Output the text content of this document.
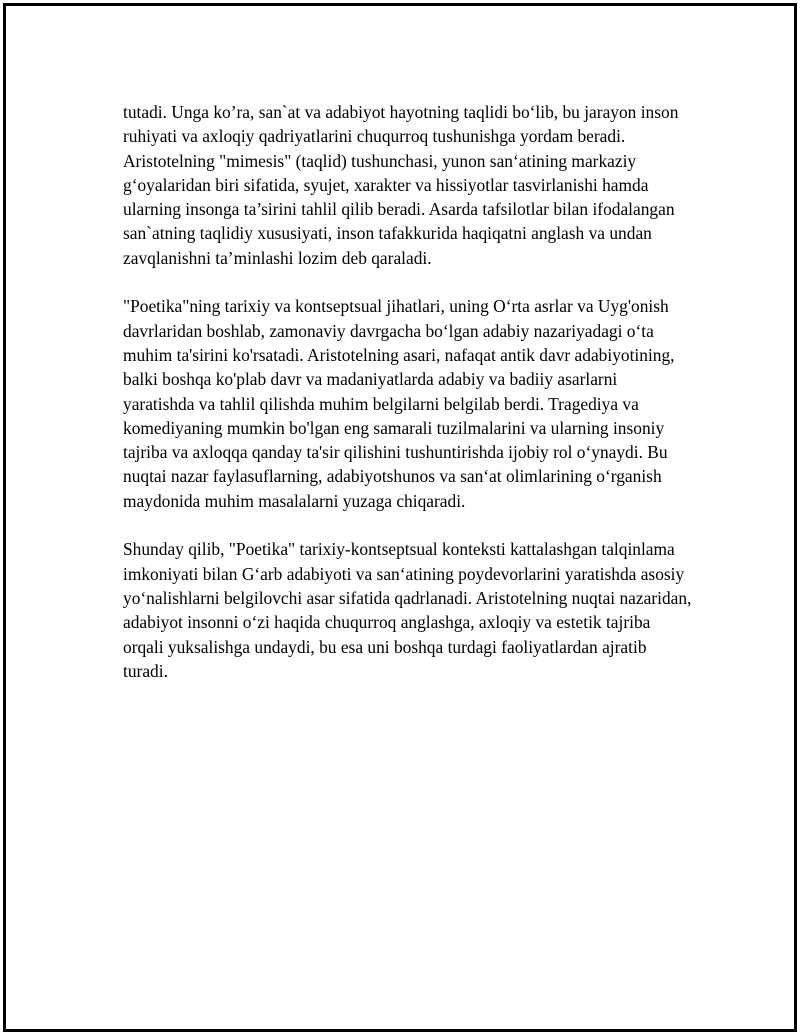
tutadi. Unga ko’ra, san`at va adabiyot hayotning taqlidi bo‘lib, bu jarayon inson ruhiyati va axloqiy qadriyatlarini chuqurroq tushunishga yordam beradi. Aristotelning "mimesis" (taqlid) tushunchasi, yunon san‘atining markaziy g‘oyalaridan biri sifatida, syujet, xarakter va hissiyotlar tasvirlanishi hamda ularning insonga ta’sirini tahlil qilib beradi. Asarda tafsilotlar bilan ifodalangan san`atning taqlidiy xususiyati, inson tafakkurida haqiqatni anglash va undan zavqlanishni ta’minlashi lozim deb qaraladi.

"Poetika"ning tarixiy va kontseptsual jihatlari, uning O‘rta asrlar va Uyg'onish davrlaridan boshlab, zamonaviy davrgacha bo‘lgan adabiy nazariyadagi o‘ta muhim ta'sirini ko'rsatadi. Aristotelning asari, nafaqat antik davr adabiyotining, balki boshqa ko'plab davr va madaniyatlarda adabiy va badiiy asarlarni yaratishda va tahlil qilishda muhim belgilarni belgilab berdi. Tragediya va komediyaning mumkin bo'lgan eng samarali tuzilmalarini va ularning insoniy tajriba va axloqqa qanday ta'sir qilishini tushuntirishda ijobiy rol o‘ynaydi. Bu nuqtai nazar faylasuflarning, adabiyotshunos va san‘at olimlarining o‘rganish maydonida muhim masalalarni yuzaga chiqaradi.

Shunday qilib, "Poetika" tarixiy-kontseptsual konteksti kattalashgan talqinlama imkoniyati bilan G‘arb adabiyoti va san‘atining poydevorlarini yaratishda asosiy yo‘nalishlarni belgilovchi asar sifatida qadrlanadi. Aristotelning nuqtai nazaridan, adabiyot insonni o‘zi haqida chuqurroq anglashga, axloqiy va estetik tajriba orqali yuksalishga undaydi, bu esa uni boshqa turdagi faoliyatlardan ajratib turadi.
